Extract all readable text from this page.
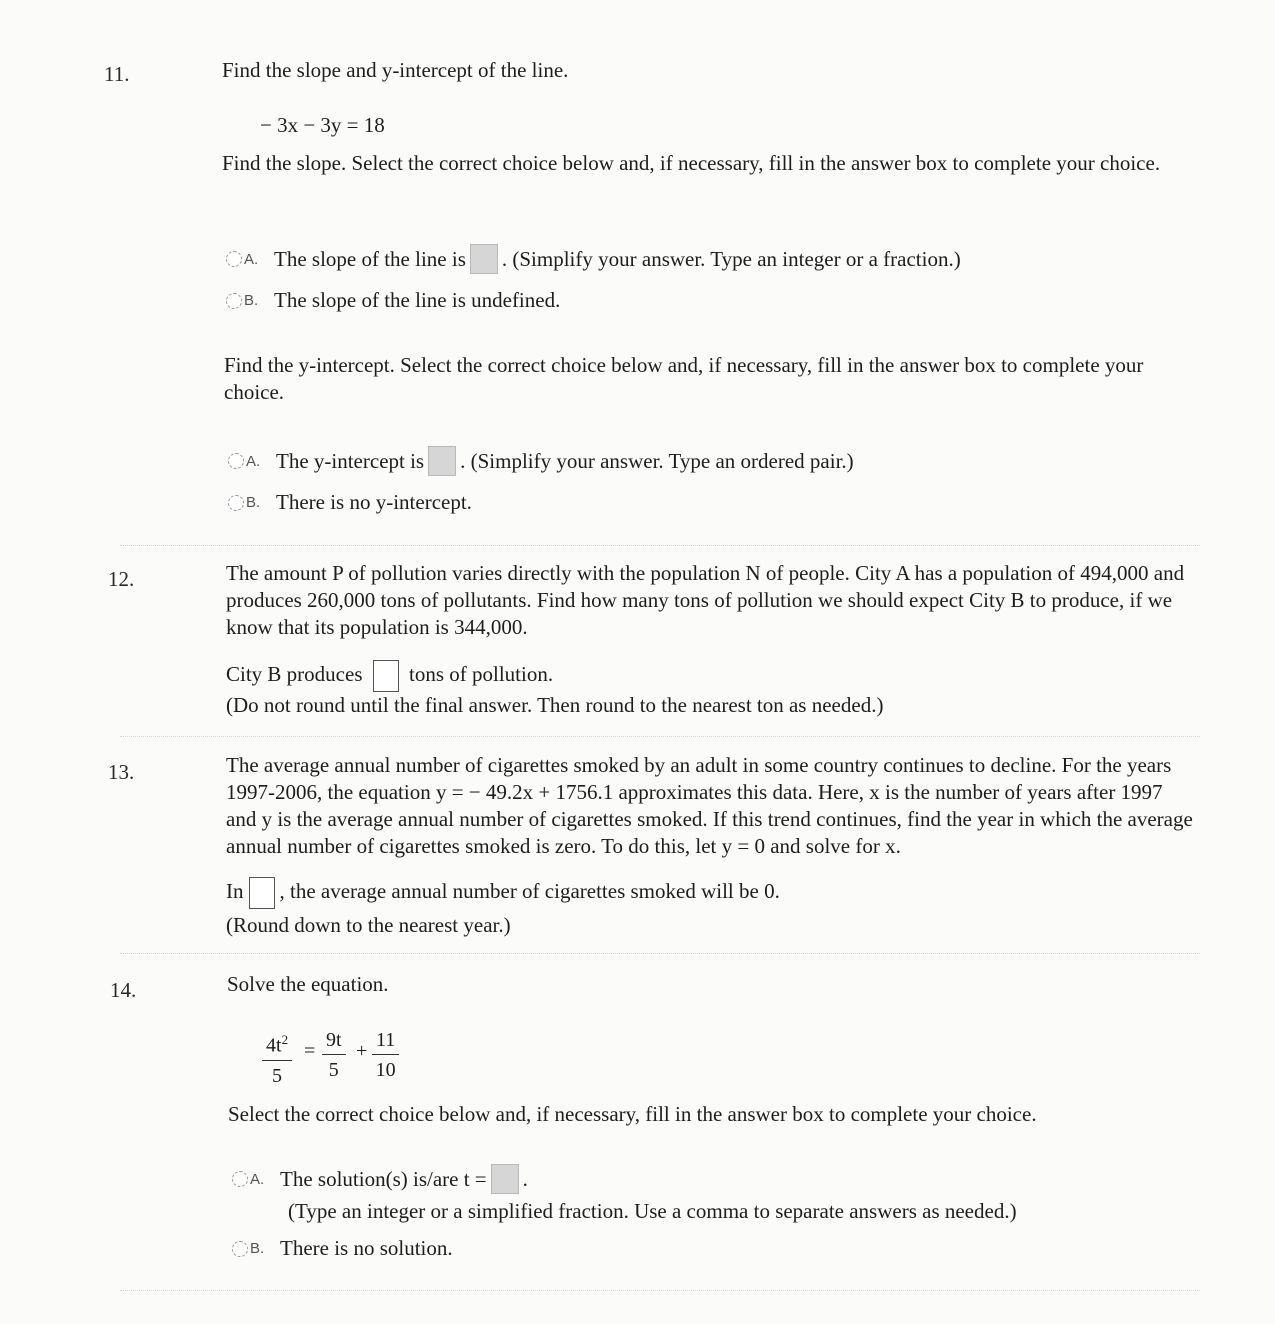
11.	Find the slope and y-intercept of the line.
− 3x − 3y = 18
Find the slope. Select the correct choice below and, if necessary, fill in the answer box to complete your choice.
A. The slope of the line is . (Simplify your answer. Type an integer or a fraction.)
B. The slope of the line is undefined.
Find the y-intercept. Select the correct choice below and, if necessary, fill in the answer box to complete your choice.
A. The y-intercept is . (Simplify your answer. Type an ordered pair.)
B. There is no y-intercept.
12.	The amount P of pollution varies directly with the population N of people. City A has a population of 494,000 and produces 260,000 tons of pollutants. Find how many tons of pollution we should expect City B to produce, if we know that its population is 344,000.
City B produces tons of pollution.
(Do not round until the final answer. Then round to the nearest ton as needed.)
13.	The average annual number of cigarettes smoked by an adult in some country continues to decline. For the years 1997-2006, the equation y = − 49.2x + 1756.1 approximates this data. Here, x is the number of years after 1997 and y is the average annual number of cigarettes smoked. If this trend continues, find the year in which the average annual number of cigarettes smoked is zero. To do this, let y = 0 and solve for x.
In , the average annual number of cigarettes smoked will be 0.
(Round down to the nearest year.)
14.	Solve the equation.
$\frac{4t^2}{5} = \frac{9t}{5} + \frac{11}{10}$
Select the correct choice below and, if necessary, fill in the answer box to complete your choice.
A. The solution(s) is/are t = .
(Type an integer or a simplified fraction. Use a comma to separate answers as needed.)
B. There is no solution.
